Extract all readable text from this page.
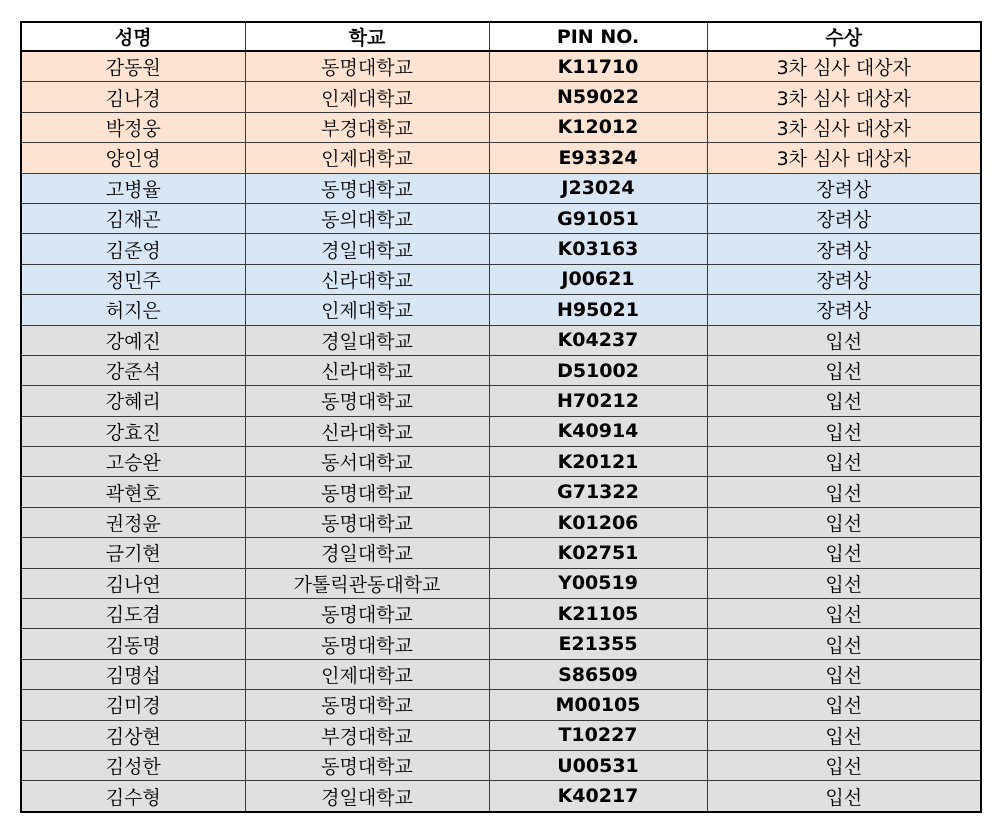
성명	학교	PIN NO.	수상
감동원	동명대학교	K11710	3차 심사 대상자
김나경	인제대학교	N59022	3차 심사 대상자
박정웅	부경대학교	K12012	3차 심사 대상자
양인영	인제대학교	E93324	3차 심사 대상자
고병율	동명대학교	J23024	장려상
김재곤	동의대학교	G91051	장려상
김준영	경일대학교	K03163	장려상
정민주	신라대학교	J00621	장려상
허지은	인제대학교	H95021	장려상
강예진	경일대학교	K04237	입선
강준석	신라대학교	D51002	입선
강혜리	동명대학교	H70212	입선
강효진	신라대학교	K40914	입선
고승완	동서대학교	K20121	입선
곽현호	동명대학교	G71322	입선
권정윤	동명대학교	K01206	입선
금기현	경일대학교	K02751	입선
김나연	가톨릭관동대학교	Y00519	입선
김도겸	동명대학교	K21105	입선
김동명	동명대학교	E21355	입선
김명섭	인제대학교	S86509	입선
김미경	동명대학교	M00105	입선
김상현	부경대학교	T10227	입선
김성한	동명대학교	U00531	입선
김수형	경일대학교	K40217	입선
